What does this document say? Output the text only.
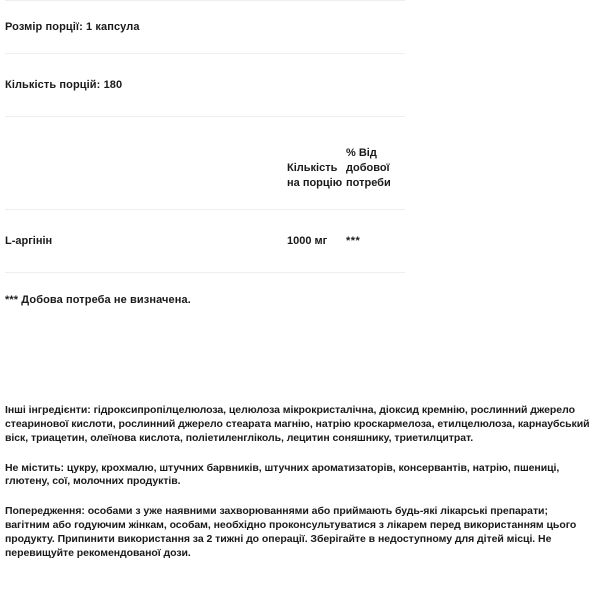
Розмір порції: 1 капсула
Кількість порцій: 180
Кількість
на порцію
% Від
добової
потреби
L-аргінін	1000 мг	***
*** Добова потреба не визначена.

Інші інгредієнти: гідроксипропілцелюлоза, целюлоза мікрокристалічна, діоксид кремнію, рослинний джерело стеаринової кислоти, рослинний джерело стеарата магнію, натрію кроскармелоза, етилцелюлоза, карнаубський віск, триацетин, олеїнова кислота, поліетиленгліколь, лецитин соняшнику, триетилцитрат.

Не містить: цукру, крохмалю, штучних барвників, штучних ароматизаторів, консервантів, натрію, пшениці, глютену, сої, молочних продуктів.

Попередження: особами з уже наявними захворюваннями або приймають будь-які лікарські препарати; вагітним або годуючим жінкам, особам, необхідно проконсультуватися з лікарем перед використанням цього продукту. Припинити використання за 2 тижні до операції. Зберігайте в недоступному для дітей місці. Не перевищуйте рекомендованої дози.
